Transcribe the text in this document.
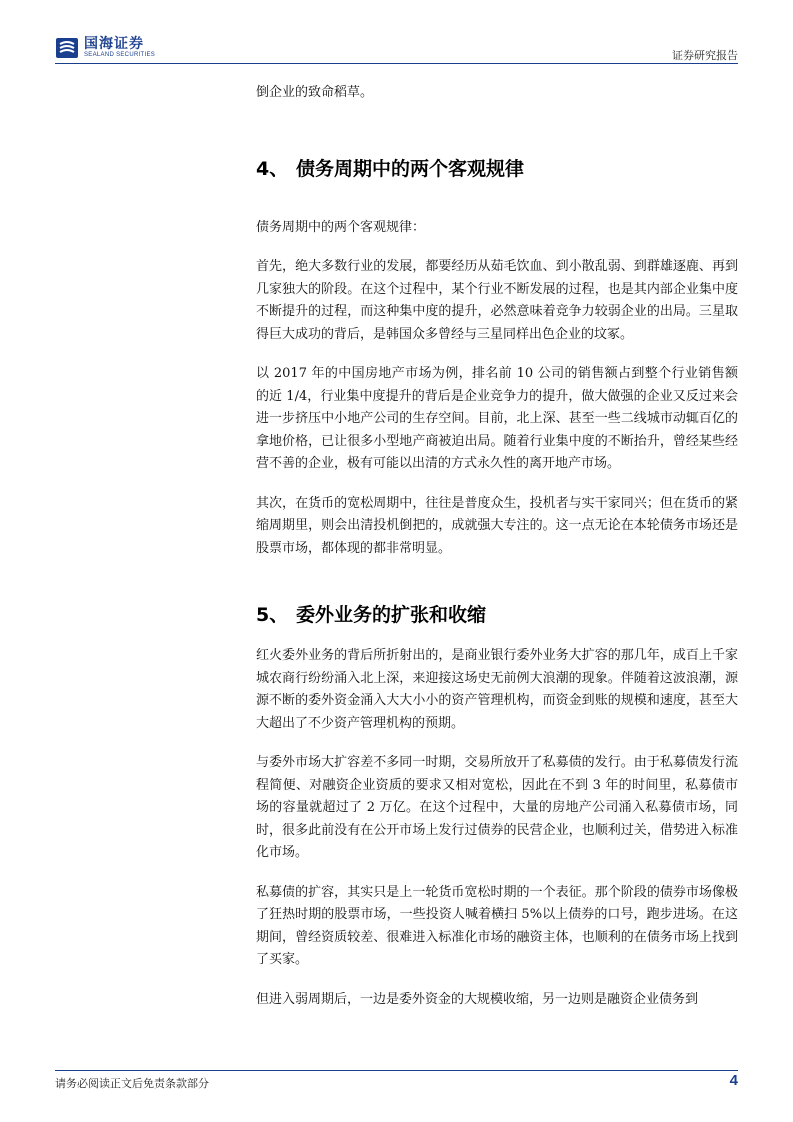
国海证券
SEALAND SECURITIES	证券研究报告

倒企业的致命稻草。

4、 债务周期中的两个客观规律

债务周期中的两个客观规律：

首先，绝大多数行业的发展，都要经历从茹毛饮血、到小散乱弱、到群雄逐鹿、再到几家独大的阶段。在这个过程中，某个行业不断发展的过程，也是其内部企业集中度不断提升的过程，而这种集中度的提升，必然意味着竞争力较弱企业的出局。三星取得巨大成功的背后，是韩国众多曾经与三星同样出色企业的坟冢。

以 2017 年的中国房地产市场为例，排名前 10 公司的销售额占到整个行业销售额的近 1/4，行业集中度提升的背后是企业竞争力的提升，做大做强的企业又反过来会进一步挤压中小地产公司的生存空间。目前，北上深、甚至一些二线城市动辄百亿的拿地价格，已让很多小型地产商被迫出局。随着行业集中度的不断抬升，曾经某些经营不善的企业，极有可能以出清的方式永久性的离开地产市场。

其次，在货币的宽松周期中，往往是普度众生，投机者与实干家同兴；但在货币的紧缩周期里，则会出清投机倒把的，成就强大专注的。这一点无论在本轮债务市场还是股票市场，都体现的都非常明显。

5、 委外业务的扩张和收缩

红火委外业务的背后所折射出的，是商业银行委外业务大扩容的那几年，成百上千家城农商行纷纷涌入北上深，来迎接这场史无前例大浪潮的现象。伴随着这波浪潮，源源不断的委外资金涌入大大小小的资产管理机构，而资金到账的规模和速度，甚至大大超出了不少资产管理机构的预期。

与委外市场大扩容差不多同一时期，交易所放开了私募债的发行。由于私募债发行流程简便、对融资企业资质的要求又相对宽松，因此在不到 3 年的时间里，私募债市场的容量就超过了 2 万亿。在这个过程中，大量的房地产公司涌入私募债市场，同时，很多此前没有在公开市场上发行过债券的民营企业，也顺利过关，借势进入标准化市场。

私募债的扩容，其实只是上一轮货币宽松时期的一个表征。那个阶段的债券市场像极了狂热时期的股票市场，一些投资人喊着横扫 5%以上债券的口号，跑步进场。在这期间，曾经资质较差、很难进入标准化市场的融资主体，也顺利的在债务市场上找到了买家。

但进入弱周期后，一边是委外资金的大规模收缩，另一边则是融资企业债务到

请务必阅读正文后免责条款部分	4
